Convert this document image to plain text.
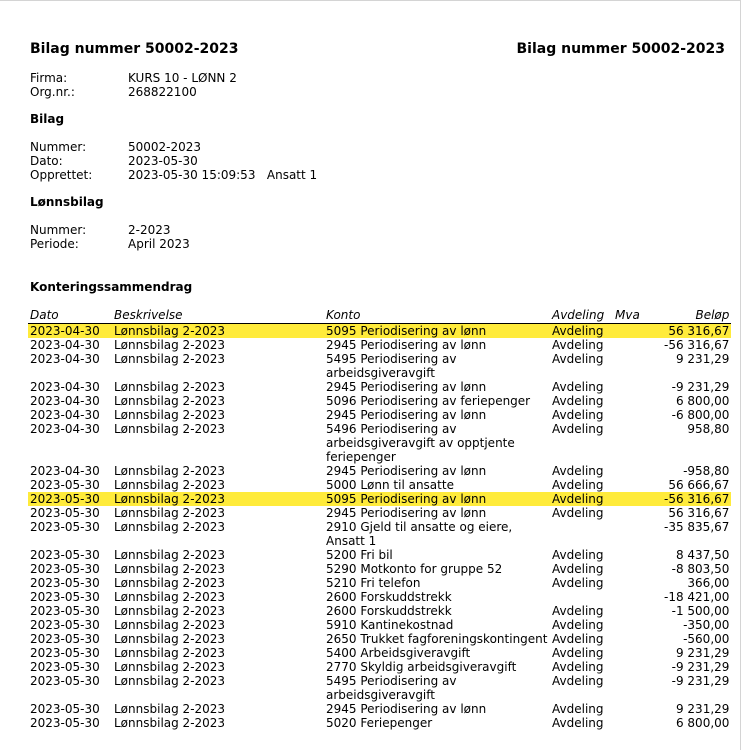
Bilag nummer 50002-2023	Bilag nummer 50002-2023
Firma:	KURS 10 - LØNN 2
Org.nr.:	268822100
Bilag
Nummer:	50002-2023
Dato:	2023-05-30
Opprettet:	2023-05-30 15:09:53   Ansatt 1
Lønnsbilag
Nummer:	2-2023
Periode:	April 2023
Konteringssammendrag
Dato	Beskrivelse	Konto	Avdeling	Mva	Beløp
2023-04-30	Lønnsbilag 2-2023	5095 Periodisering av lønn	Avdeling		56 316,67
2023-04-30	Lønnsbilag 2-2023	2945 Periodisering av lønn	Avdeling		-56 316,67
2023-04-30	Lønnsbilag 2-2023	5495 Periodisering av arbeidsgiveravgift	Avdeling		9 231,29
2023-04-30	Lønnsbilag 2-2023	2945 Periodisering av lønn	Avdeling		-9 231,29
2023-04-30	Lønnsbilag 2-2023	5096 Periodisering av feriepenger	Avdeling		6 800,00
2023-04-30	Lønnsbilag 2-2023	2945 Periodisering av lønn	Avdeling		-6 800,00
2023-04-30	Lønnsbilag 2-2023	5496 Periodisering av arbeidsgiveravgift av opptjente feriepenger	Avdeling		958,80
2023-04-30	Lønnsbilag 2-2023	2945 Periodisering av lønn	Avdeling		-958,80
2023-05-30	Lønnsbilag 2-2023	5000 Lønn til ansatte	Avdeling		56 666,67
2023-05-30	Lønnsbilag 2-2023	5095 Periodisering av lønn	Avdeling		-56 316,67
2023-05-30	Lønnsbilag 2-2023	2945 Periodisering av lønn	Avdeling		56 316,67
2023-05-30	Lønnsbilag 2-2023	2910 Gjeld til ansatte og eiere, Ansatt 1			-35 835,67
2023-05-30	Lønnsbilag 2-2023	5200 Fri bil	Avdeling		8 437,50
2023-05-30	Lønnsbilag 2-2023	5290 Motkonto for gruppe 52	Avdeling		-8 803,50
2023-05-30	Lønnsbilag 2-2023	5210 Fri telefon	Avdeling		366,00
2023-05-30	Lønnsbilag 2-2023	2600 Forskuddstrekk			-18 421,00
2023-05-30	Lønnsbilag 2-2023	2600 Forskuddstrekk	Avdeling		-1 500,00
2023-05-30	Lønnsbilag 2-2023	5910 Kantinekostnad	Avdeling		-350,00
2023-05-30	Lønnsbilag 2-2023	2650 Trukket fagforeningskontingent	Avdeling		-560,00
2023-05-30	Lønnsbilag 2-2023	5400 Arbeidsgiveravgift	Avdeling		9 231,29
2023-05-30	Lønnsbilag 2-2023	2770 Skyldig arbeidsgiveravgift	Avdeling		-9 231,29
2023-05-30	Lønnsbilag 2-2023	5495 Periodisering av arbeidsgiveravgift	Avdeling		-9 231,29
2023-05-30	Lønnsbilag 2-2023	2945 Periodisering av lønn	Avdeling		9 231,29
2023-05-30	Lønnsbilag 2-2023	5020 Feriepenger	Avdeling		6 800,00
